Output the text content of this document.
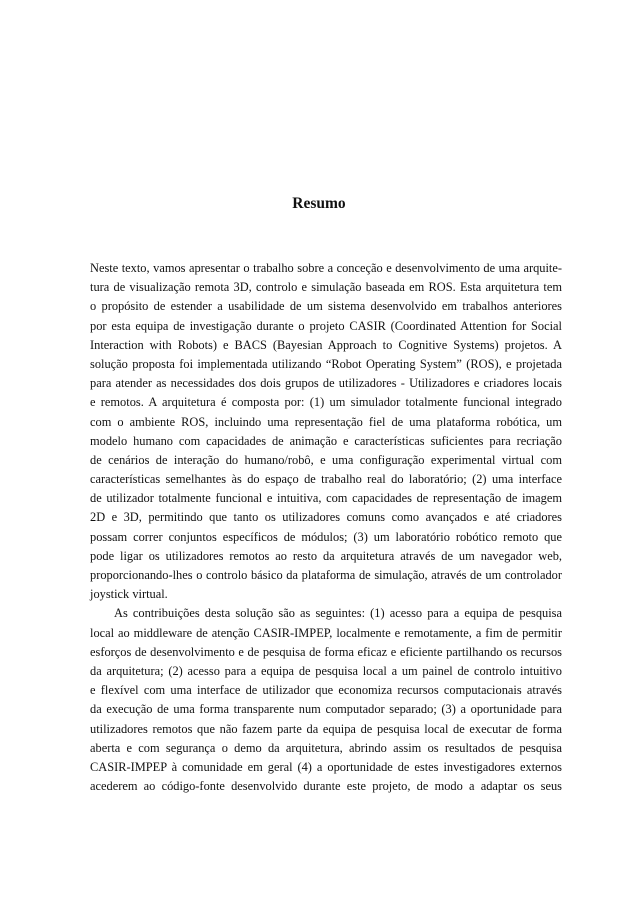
Resumo
Neste texto, vamos apresentar o trabalho sobre a conceção e desenvolvimento de uma arquite-
tura de visualização remota 3D, controlo e simulação baseada em ROS. Esta arquitetura tem
o propósito de estender a usabilidade de um sistema desenvolvido em trabalhos anteriores
por esta equipa de investigação durante o projeto CASIR (Coordinated Attention for Social
Interaction with Robots) e BACS (Bayesian Approach to Cognitive Systems) projetos. A
solução proposta foi implementada utilizando “Robot Operating System” (ROS), e projetada
para atender as necessidades dos dois grupos de utilizadores - Utilizadores e criadores locais
e remotos. A arquitetura é composta por: (1) um simulador totalmente funcional integrado
com o ambiente ROS, incluindo uma representação fiel de uma plataforma robótica, um
modelo humano com capacidades de animação e características suficientes para recriação
de cenários de interação do humano/robô, e uma configuração experimental virtual com
características semelhantes às do espaço de trabalho real do laboratório; (2) uma interface
de utilizador totalmente funcional e intuitiva, com capacidades de representação de imagem
2D e 3D, permitindo que tanto os utilizadores comuns como avançados e até criadores
possam correr conjuntos específicos de módulos; (3) um laboratório robótico remoto que
pode ligar os utilizadores remotos ao resto da arquitetura através de um navegador web,
proporcionando-lhes o controlo básico da plataforma de simulação, através de um controlador
joystick virtual.
As contribuições desta solução são as seguintes: (1) acesso para a equipa de pesquisa
local ao middleware de atenção CASIR-IMPEP, localmente e remotamente, a fim de permitir
esforços de desenvolvimento e de pesquisa de forma eficaz e eficiente partilhando os recursos
da arquitetura; (2) acesso para a equipa de pesquisa local a um painel de controlo intuitivo
e flexível com uma interface de utilizador que economiza recursos computacionais através
da execução de uma forma transparente num computador separado; (3) a oportunidade para
utilizadores remotos que não fazem parte da equipa de pesquisa local de executar de forma
aberta e com segurança o demo da arquitetura, abrindo assim os resultados de pesquisa
CASIR-IMPEP à comunidade em geral (4) a oportunidade de estes investigadores externos
acederem ao código-fonte desenvolvido durante este projeto, de modo a adaptar os seus
